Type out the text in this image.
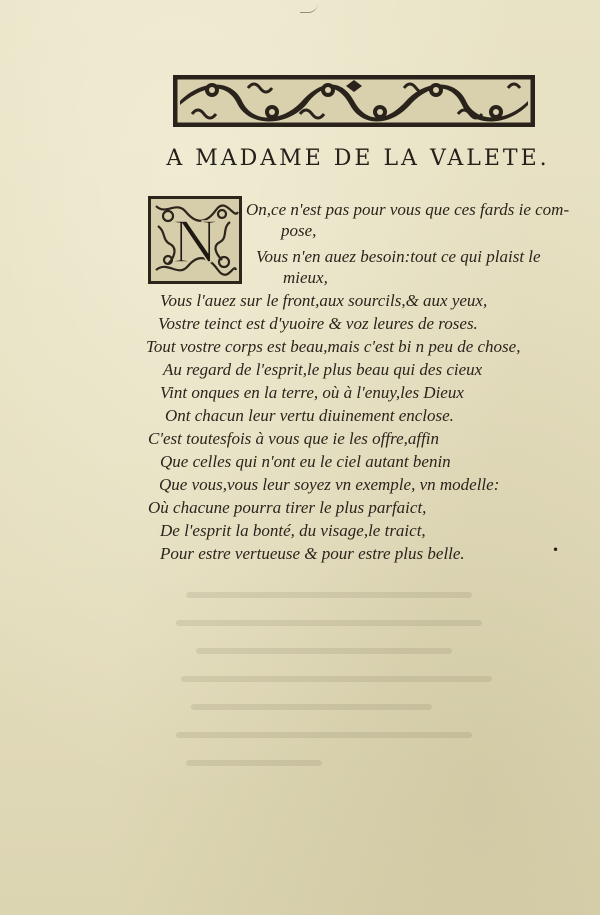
A MADAME DE LA VALETE.
N On,ce n'est pas pour vous que ces fards ie com-
pose,
Vous n'en auez besoin:tout ce qui plaist le
mieux,
Vous l'auez sur le front,aux sourcils,& aux yeux,
Vostre teinct est d'yuoire & voz leures de roses.
Tout vostre corps est beau,mais c'est bi n peu de chose,
Au regard de l'esprit,le plus beau qui des cieux
Vint onques en la terre, où à l'enuy,les Dieux
Ont chacun leur vertu diuinement enclose.
C'est toutesfois à vous que ie les offre,affin
Que celles qui n'ont eu le ciel autant benin
Que vous,vous leur soyez vn exemple, vn modelle:
Où chacune pourra tirer le plus parfaict,
De l'esprit la bonté, du visage,le traict,
Pour estre vertueuse & pour estre plus belle.	•
